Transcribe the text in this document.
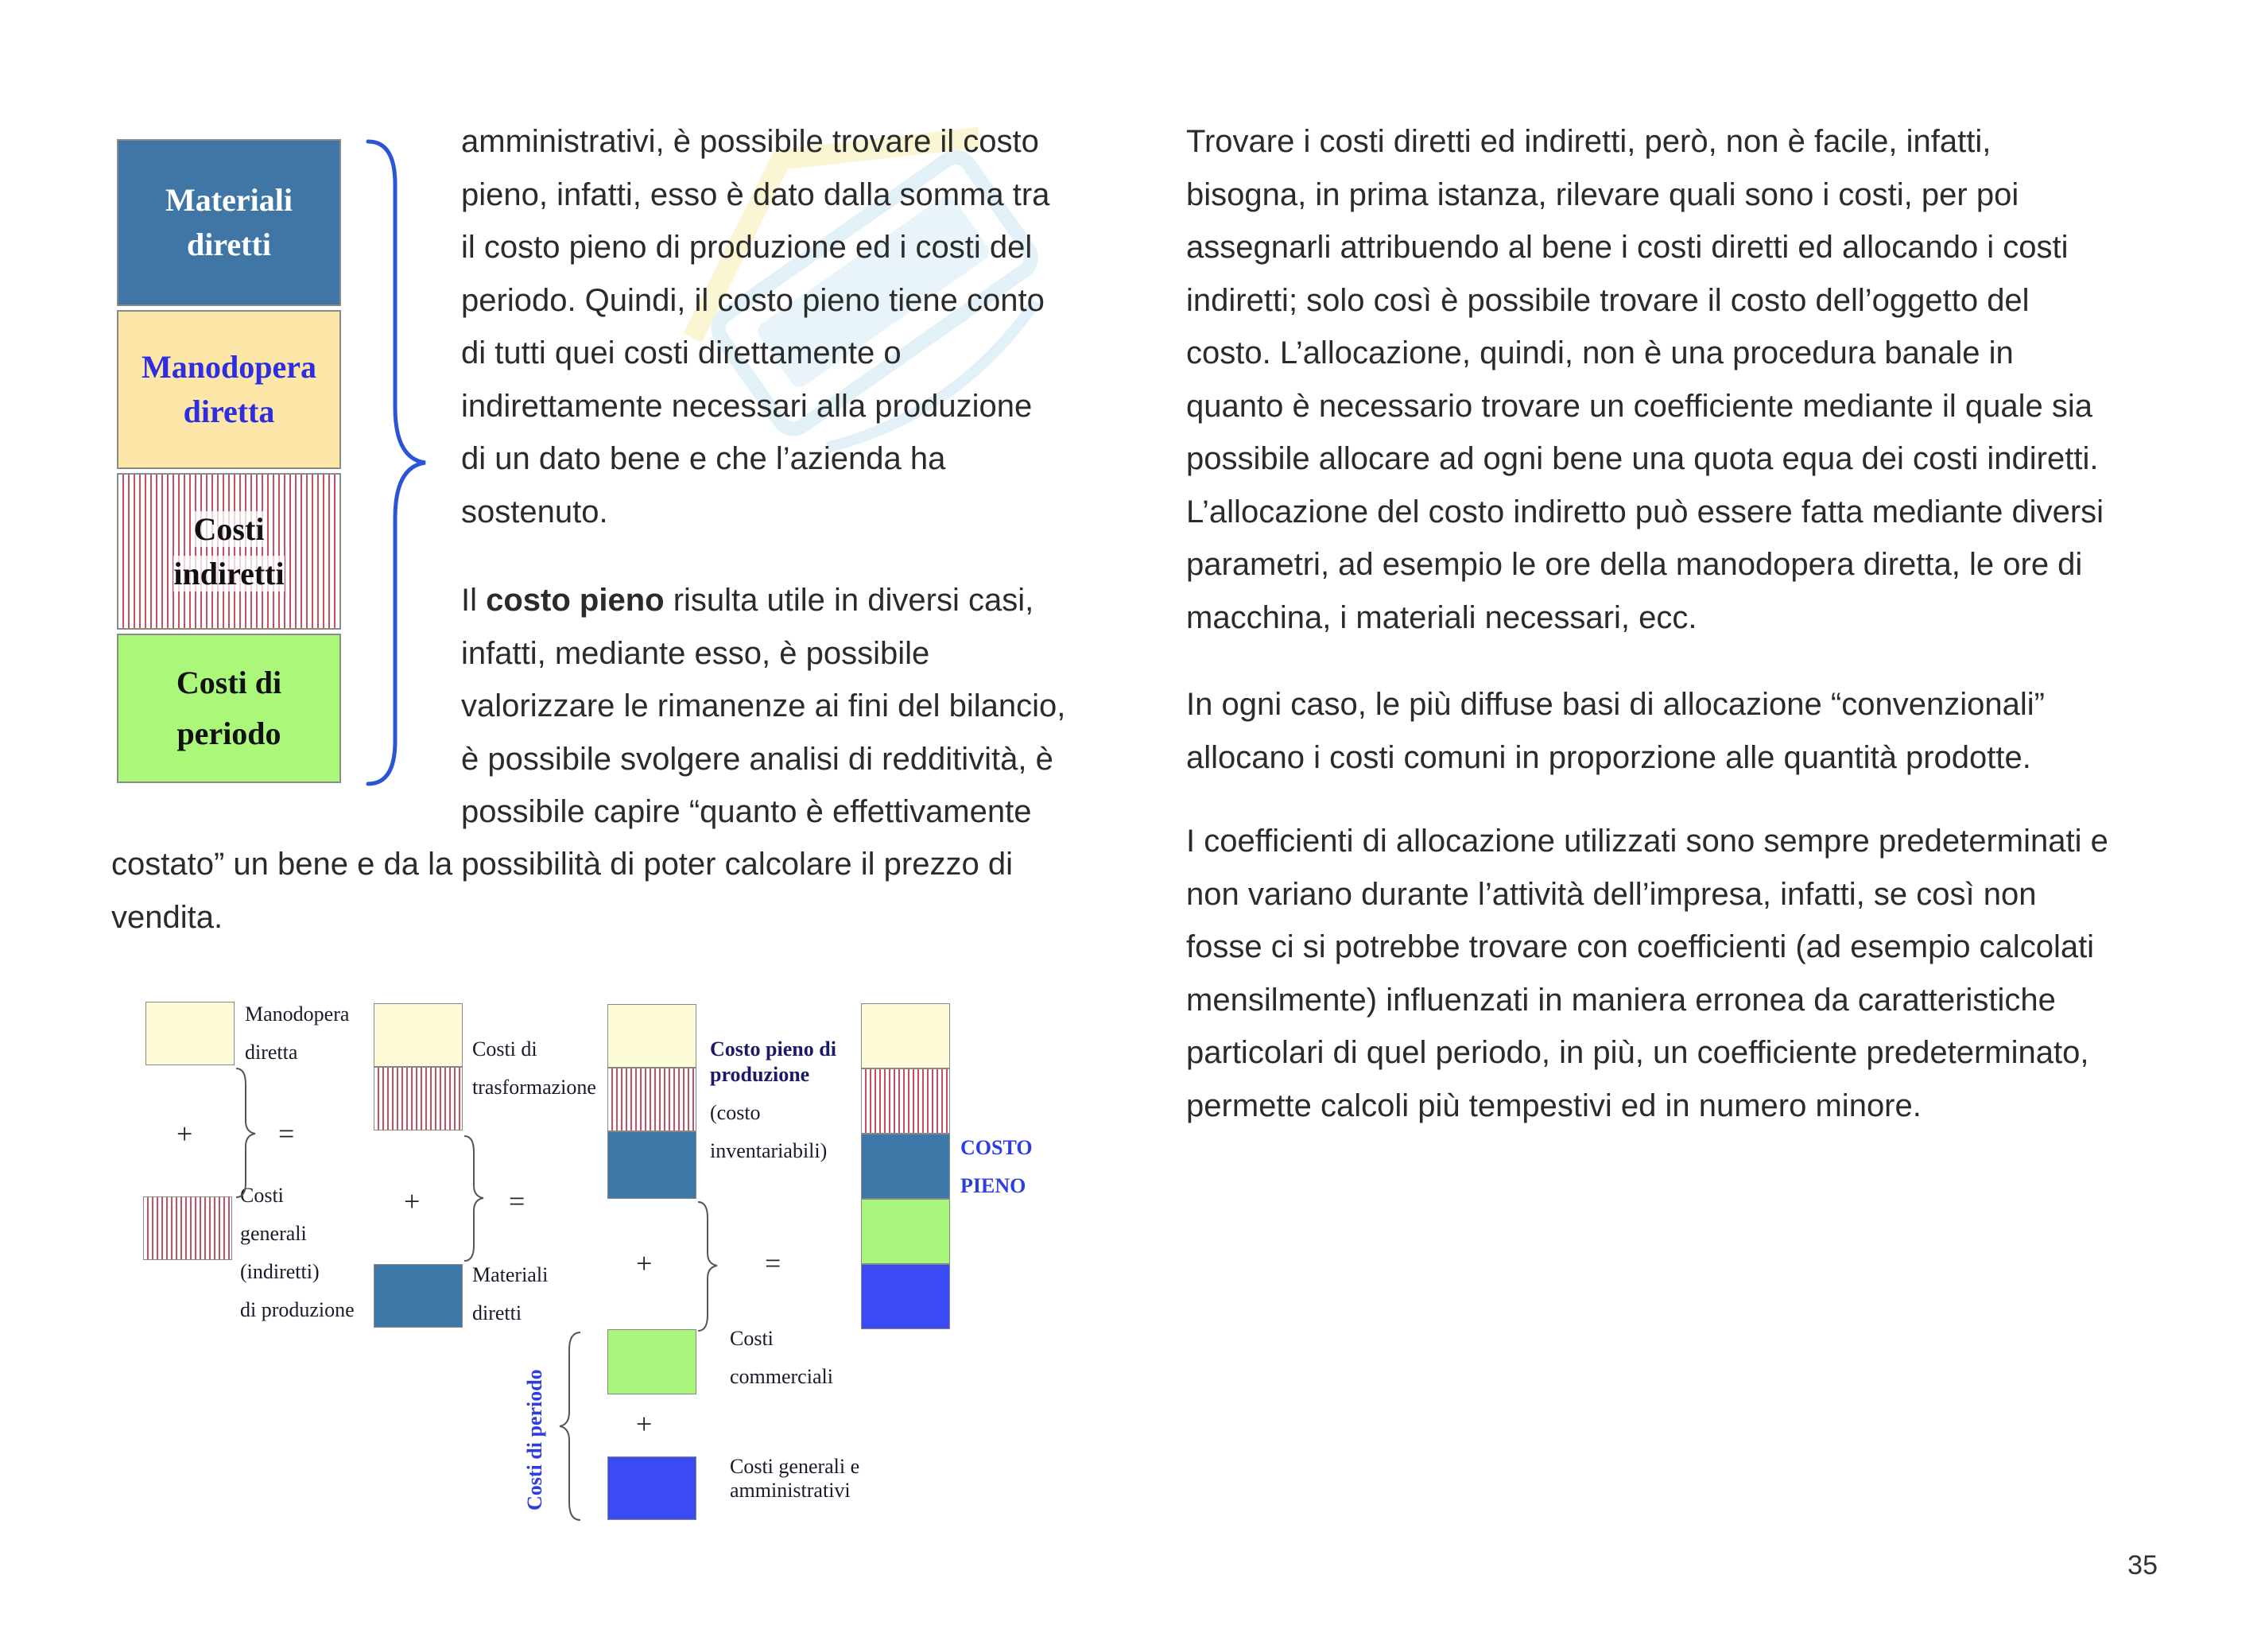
Materiali
diretti
Manodopera
diretta
Costi
indiretti
Costi di
periodo

amministrativi, è possibile trovare il costo

pieno, infatti, esso è dato dalla somma tra

il costo pieno di produzione ed i costi del

periodo. Quindi, il costo pieno tiene conto

di tutti quei costi direttamente o

indirettamente necessari alla produzione

di un dato bene e che l’azienda ha

sostenuto.

Il costo pieno risulta utile in diversi casi,

infatti, mediante esso, è possibile

valorizzare le rimanenze ai fini del bilancio,

è possibile svolgere analisi di redditività, è

possibile capire “quanto è effettivamente

costato” un bene e da la possibilità di poter calcolare il prezzo di

vendita.

Manodopera
diretta
+
Costi
generali
(indiretti)
di produzione
=
Costi di
trasformazione
+	=
Materiali
diretti
Costo pieno di
produzione
(costo
inventariabili)
+	=
Costi
commerciali
+
Costi generali e
amministrativi
Costi di periodo
COSTO
PIENO

Trovare i costi diretti ed indiretti, però, non è facile, infatti,

bisogna, in prima istanza, rilevare quali sono i costi, per poi

assegnarli attribuendo al bene i costi diretti ed allocando i costi

indiretti; solo così è possibile trovare il costo dell’oggetto del

costo. L’allocazione, quindi, non è una procedura banale in

quanto è necessario trovare un coefficiente mediante il quale sia

possibile allocare ad ogni bene una quota equa dei costi indiretti.

L’allocazione del costo indiretto può essere fatta mediante diversi

parametri, ad esempio le ore della manodopera diretta, le ore di

macchina, i materiali necessari, ecc.

In ogni caso, le più diffuse basi di allocazione “convenzionali”

allocano i costi comuni in proporzione alle quantità prodotte.

I coefficienti di allocazione utilizzati sono sempre predeterminati e

non variano durante l’attività dell’impresa, infatti, se così non

fosse ci si potrebbe trovare con coefficienti (ad esempio calcolati

mensilmente) influenzati in maniera erronea da caratteristiche

particolari di quel periodo, in più, un coefficiente predeterminato,

permette calcoli più tempestivi ed in numero minore.

35
